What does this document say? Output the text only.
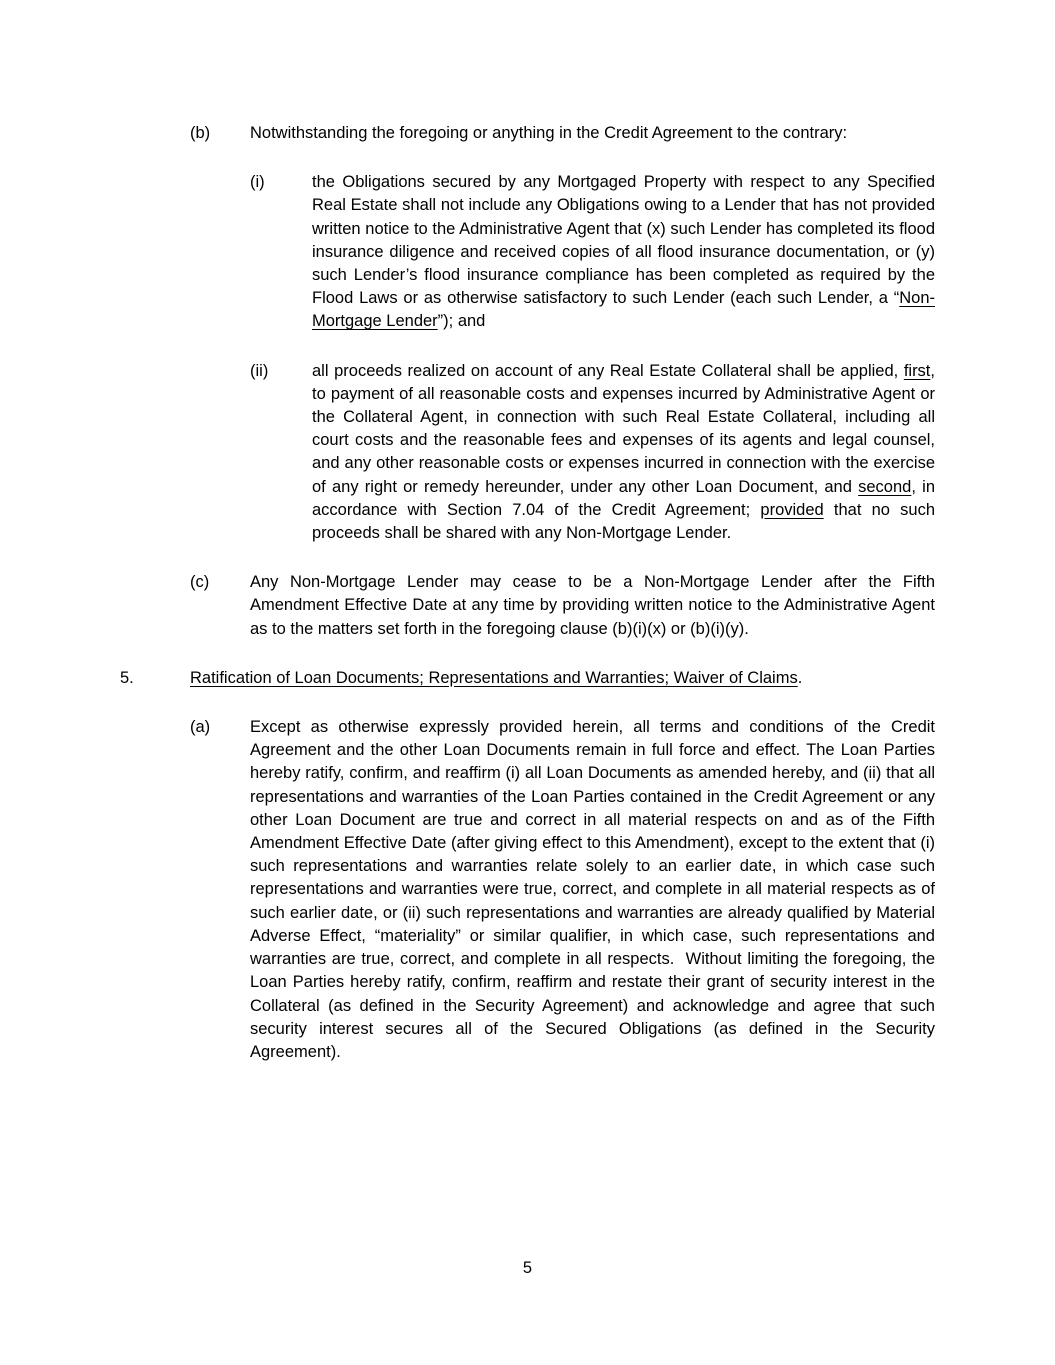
(b)	Notwithstanding the foregoing or anything in the Credit Agreement to the contrary:

(i)	the Obligations secured by any Mortgaged Property with respect to any Specified Real Estate shall not include any Obligations owing to a Lender that has not provided written notice to the Administrative Agent that (x) such Lender has completed its flood insurance diligence and received copies of all flood insurance documentation, or (y) such Lender’s flood insurance compliance has been completed as required by the Flood Laws or as otherwise satisfactory to such Lender (each such Lender, a “Non-Mortgage Lender”); and

(ii)	all proceeds realized on account of any Real Estate Collateral shall be applied, first, to payment of all reasonable costs and expenses incurred by Administrative Agent or the Collateral Agent, in connection with such Real Estate Collateral, including all court costs and the reasonable fees and expenses of its agents and legal counsel, and any other reasonable costs or expenses incurred in connection with the exercise of any right or remedy hereunder, under any other Loan Document, and second, in accordance with Section 7.04 of the Credit Agreement; provided that no such proceeds shall be shared with any Non-Mortgage Lender.

(c)	Any Non-Mortgage Lender may cease to be a Non-Mortgage Lender after the Fifth Amendment Effective Date at any time by providing written notice to the Administrative Agent as to the matters set forth in the foregoing clause (b)(i)(x) or (b)(i)(y).

5.	Ratification of Loan Documents; Representations and Warranties; Waiver of Claims.

(a)	Except as otherwise expressly provided herein, all terms and conditions of the Credit Agreement and the other Loan Documents remain in full force and effect. The Loan Parties hereby ratify, confirm, and reaffirm (i) all Loan Documents as amended hereby, and (ii) that all representations and warranties of the Loan Parties contained in the Credit Agreement or any other Loan Document are true and correct in all material respects on and as of the Fifth Amendment Effective Date (after giving effect to this Amendment), except to the extent that (i) such representations and warranties relate solely to an earlier date, in which case such representations and warranties were true, correct, and complete in all material respects as of such earlier date, or (ii) such representations and warranties are already qualified by Material Adverse Effect, “materiality” or similar qualifier, in which case, such representations and warranties are true, correct, and complete in all respects.  Without limiting the foregoing, the Loan Parties hereby ratify, confirm, reaffirm and restate their grant of security interest in the Collateral (as defined in the Security Agreement) and acknowledge and agree that such security interest secures all of the Secured Obligations (as defined in the Security Agreement).

5
